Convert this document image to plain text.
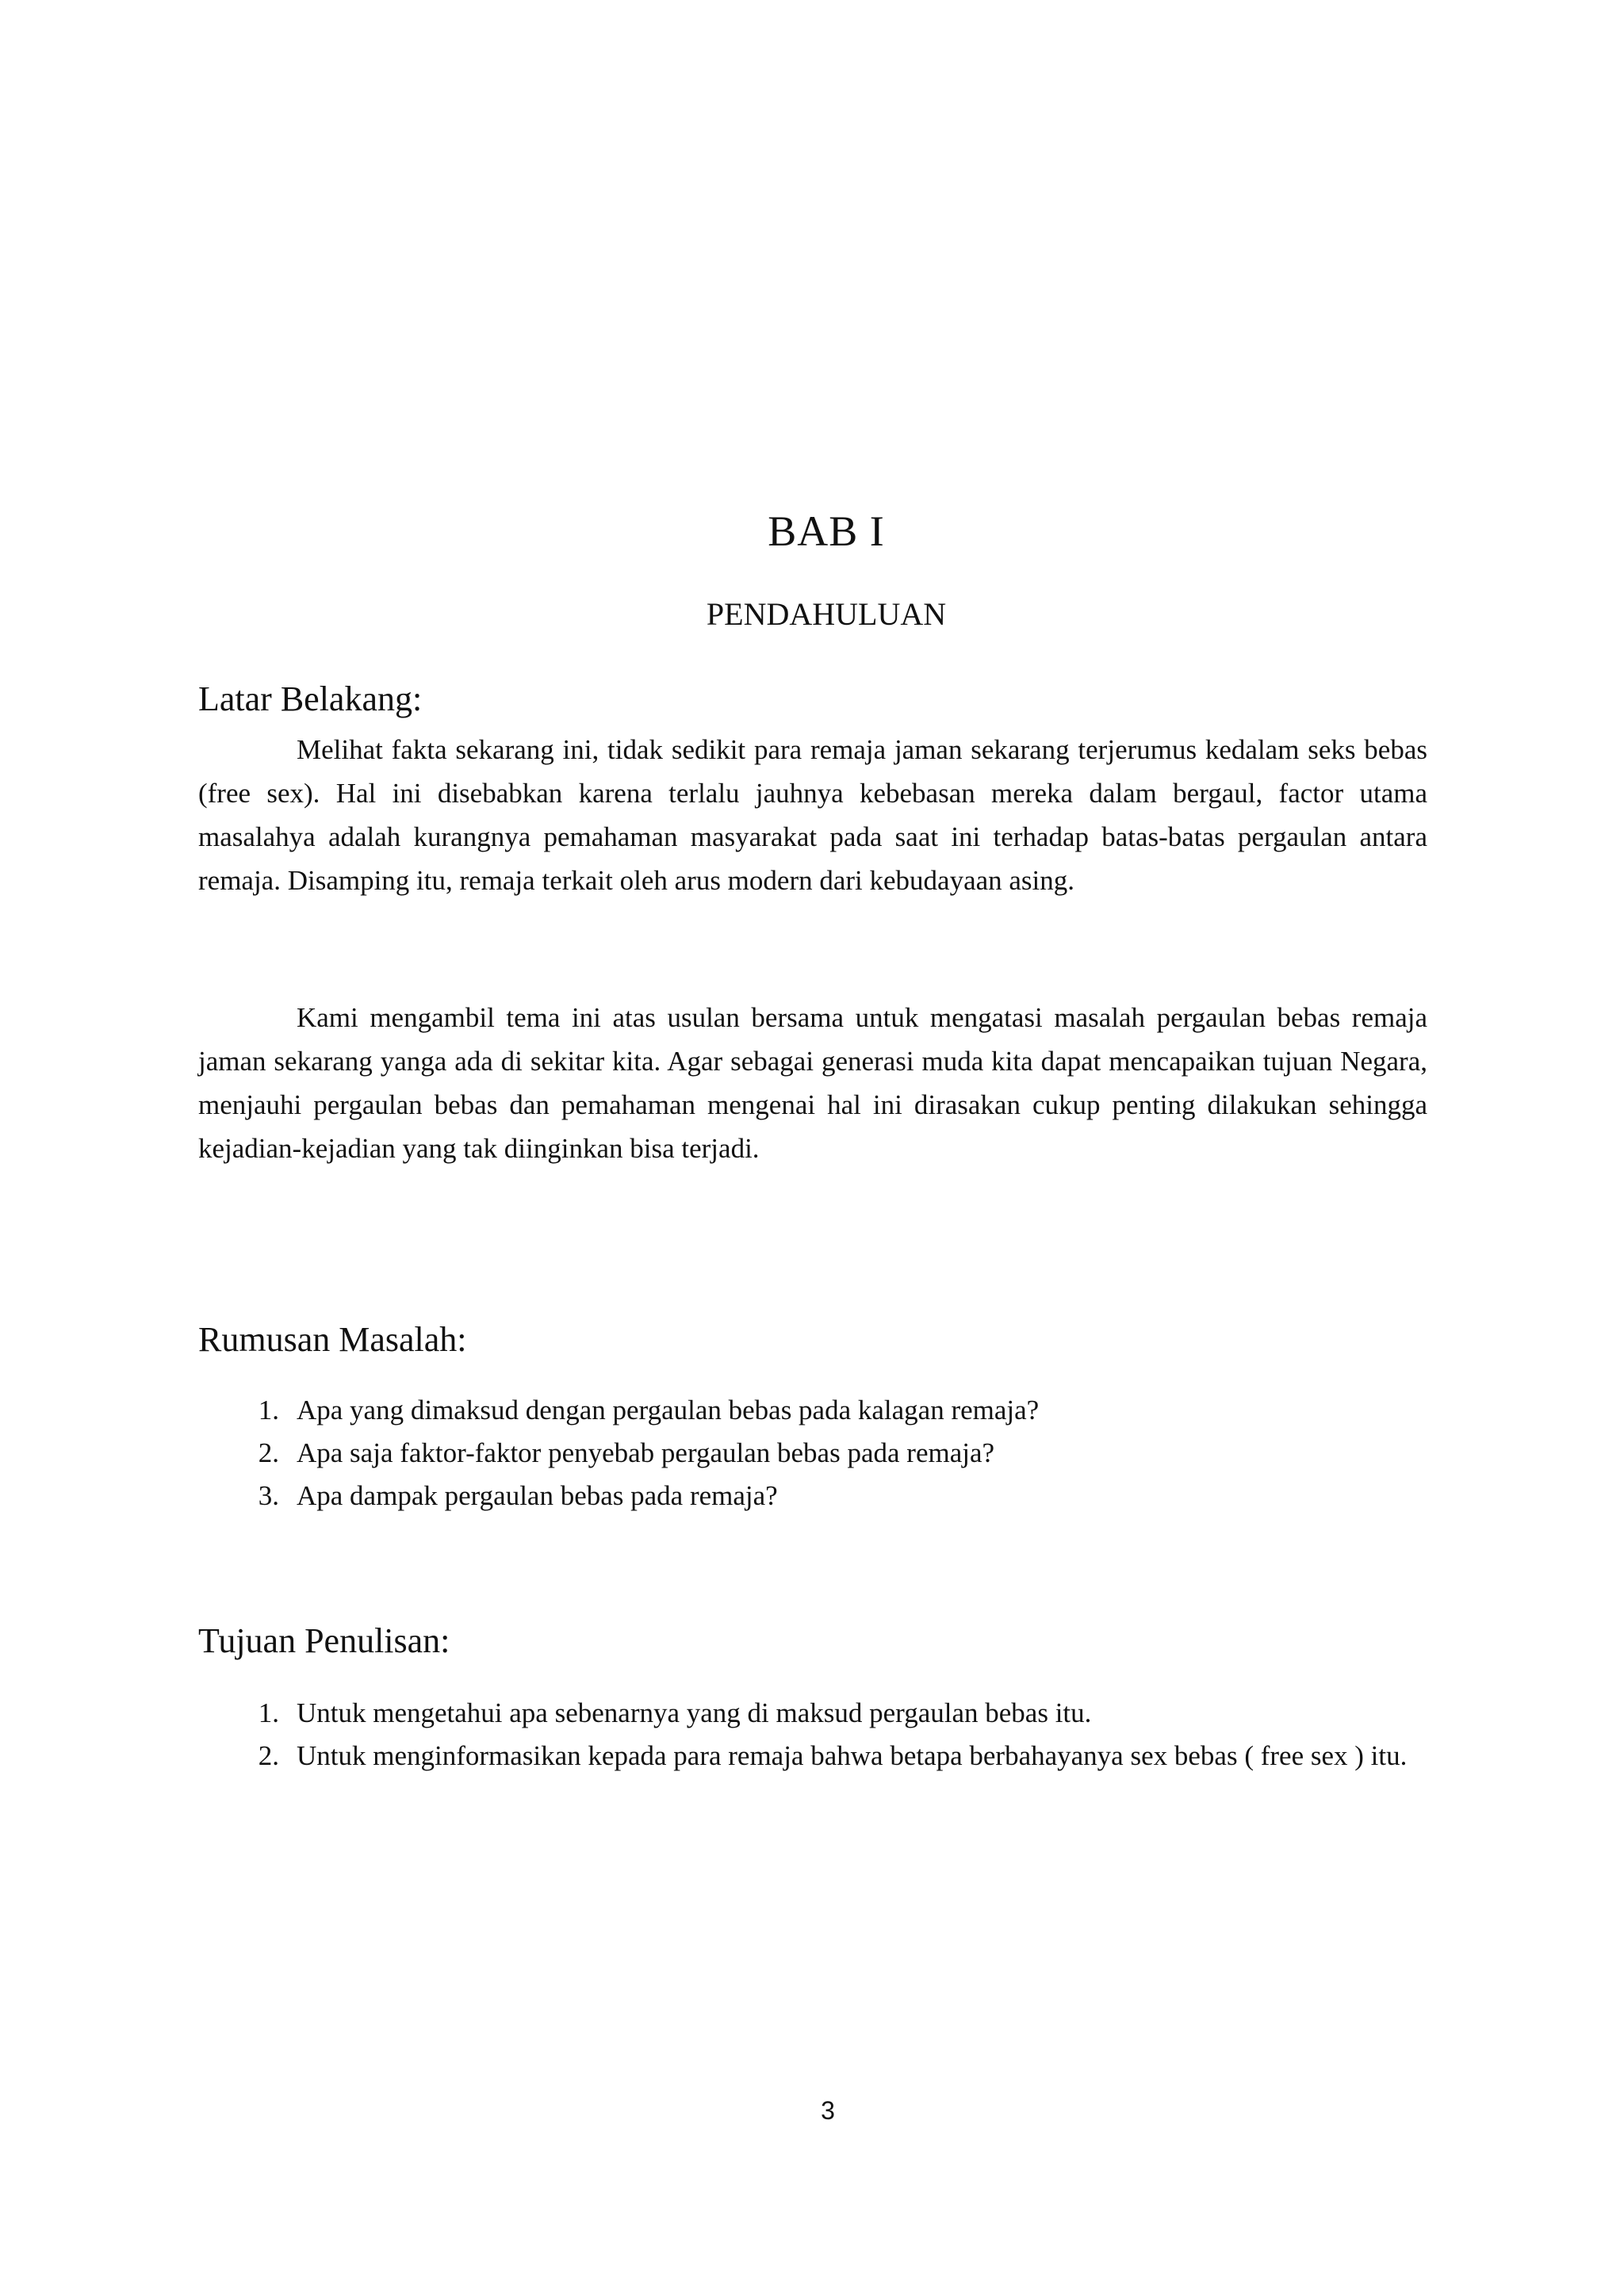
BAB I
PENDAHULUAN
Latar Belakang:

Melihat fakta sekarang ini, tidak sedikit para remaja jaman sekarang terjerumus kedalam seks bebas (free sex). Hal ini disebabkan karena terlalu jauhnya kebebasan mereka dalam bergaul, factor utama masalahya adalah kurangnya pemahaman masyarakat pada saat ini terhadap batas-batas pergaulan antara remaja. Disamping itu, remaja terkait oleh arus modern dari kebudayaan asing.

Kami mengambil tema ini atas usulan bersama untuk mengatasi masalah pergaulan bebas remaja jaman sekarang yanga ada di sekitar kita. Agar sebagai generasi muda kita dapat mencapaikan tujuan Negara, menjauhi pergaulan bebas dan pemahaman mengenai hal ini dirasakan cukup penting dilakukan sehingga kejadian-kejadian yang tak diinginkan bisa terjadi.

Rumusan Masalah:
1. Apa yang dimaksud dengan pergaulan bebas pada kalagan remaja?
2. Apa saja faktor-faktor penyebab pergaulan bebas pada remaja?
3. Apa dampak pergaulan bebas pada remaja?
Tujuan Penulisan:
1. Untuk mengetahui apa sebenarnya yang di maksud pergaulan bebas itu.
2. Untuk menginformasikan kepada para remaja bahwa betapa berbahayanya sex bebas ( free sex ) itu.
3
